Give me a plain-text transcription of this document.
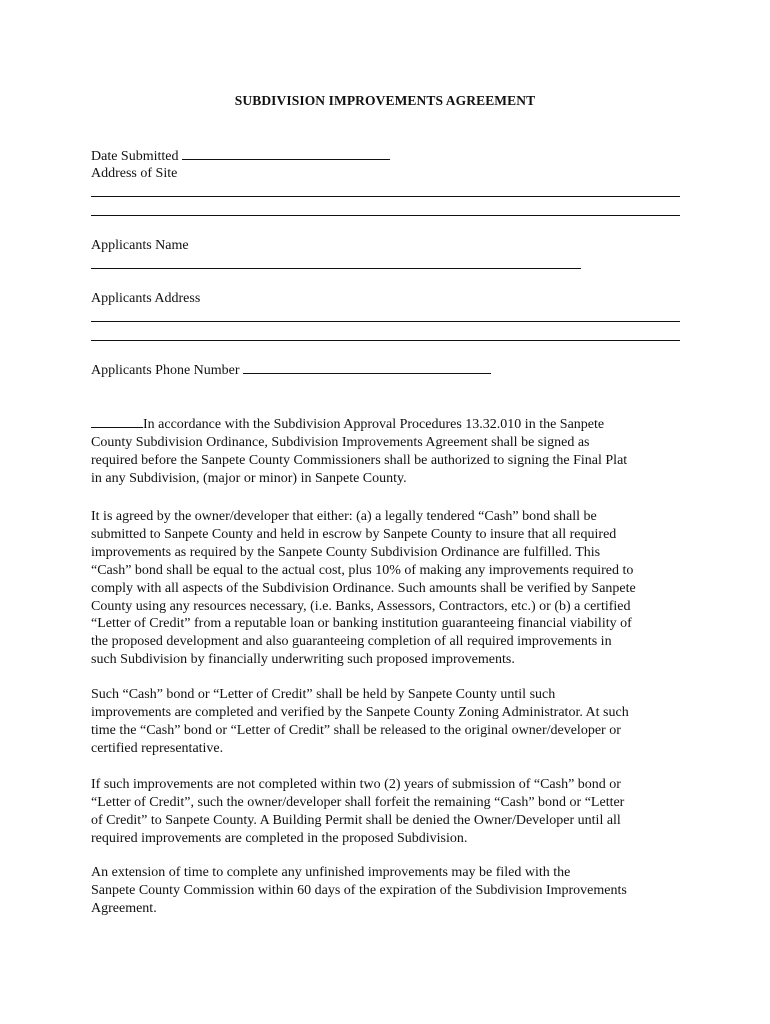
SUBDIVISION IMPROVEMENTS AGREEMENT
Date Submitted
Address of Site
Applicants Name
Applicants Address
Applicants Phone Number

In accordance with the Subdivision Approval Procedures 13.32.010 in the Sanpete

County Subdivision Ordinance, Subdivision Improvements Agreement shall be signed as

required before the Sanpete County Commissioners shall be authorized to signing the Final Plat

in any Subdivision, (major or minor) in Sanpete County.

It is agreed by the owner/developer that either: (a) a legally tendered “Cash” bond shall be

submitted to Sanpete County and held in escrow by Sanpete County to insure that all required

improvements as required by the Sanpete County Subdivision Ordinance are fulfilled. This

“Cash” bond shall be equal to the actual cost, plus 10% of making any improvements required to

comply with all aspects of the Subdivision Ordinance. Such amounts shall be verified by Sanpete

County using any resources necessary, (i.e. Banks, Assessors, Contractors, etc.) or (b) a certified

“Letter of Credit” from a reputable loan or banking institution guaranteeing financial viability of

the proposed development and also guaranteeing completion of all required improvements in

such Subdivision by financially underwriting such proposed improvements.

Such “Cash” bond or “Letter of Credit” shall be held by Sanpete County until such

improvements are completed and verified by the Sanpete County Zoning Administrator. At such

time the “Cash” bond or “Letter of Credit” shall be released to the original owner/developer or

certified representative.

If such improvements are not completed within two (2) years of submission of “Cash” bond or

“Letter of Credit”, such the owner/developer shall forfeit the remaining “Cash” bond or “Letter

of Credit” to Sanpete County. A Building Permit shall be denied the Owner/Developer until all

required improvements are completed in the proposed Subdivision.

An extension of time to complete any unfinished improvements may be filed with the

Sanpete County Commission within 60 days of the expiration of the Subdivision Improvements

Agreement.
